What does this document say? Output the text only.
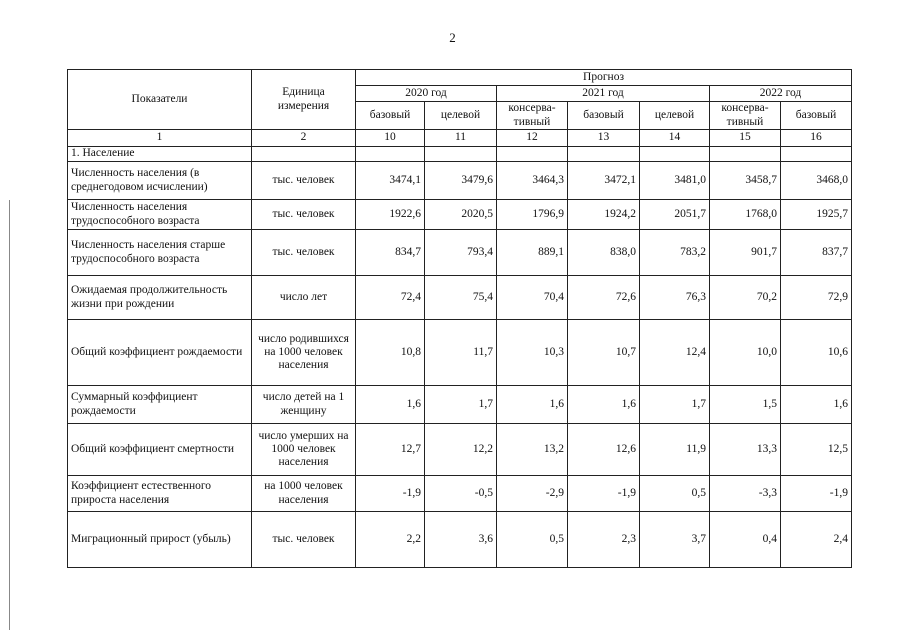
2
Показатели	Единица измерения	Прогноз						
		2020 год		2021 год			2022 год	
		базовый	целевой	консерва-тивный	базовый	целевой	консерва-тивный	базовый
1	2	10	11	12	13	14	15	16
1. Население								
Численность населения (в среднегодовом исчислении)	тыс. человек	3474,1	3479,6	3464,3	3472,1	3481,0	3458,7	3468,0
Численность населения трудоспособного возраста	тыс. человек	1922,6	2020,5	1796,9	1924,2	2051,7	1768,0	1925,7
Численность населения старше трудоспособного возраста	тыс. человек	834,7	793,4	889,1	838,0	783,2	901,7	837,7
Ожидаемая продолжительность жизни при рождении	число лет	72,4	75,4	70,4	72,6	76,3	70,2	72,9
Общий коэффициент рождаемости	число родившихся на 1000 человек населения	10,8	11,7	10,3	10,7	12,4	10,0	10,6
Суммарный коэффициент рождаемости	число детей на 1 женщину	1,6	1,7	1,6	1,6	1,7	1,5	1,6
Общий коэффициент смертности	число умерших на 1000 человек населения	12,7	12,2	13,2	12,6	11,9	13,3	12,5
Коэффициент естественного прироста населения	на 1000 человек населения	-1,9	-0,5	-2,9	-1,9	0,5	-3,3	-1,9
Миграционный прирост (убыль)	тыс. человек	2,2	3,6	0,5	2,3	3,7	0,4	2,4
